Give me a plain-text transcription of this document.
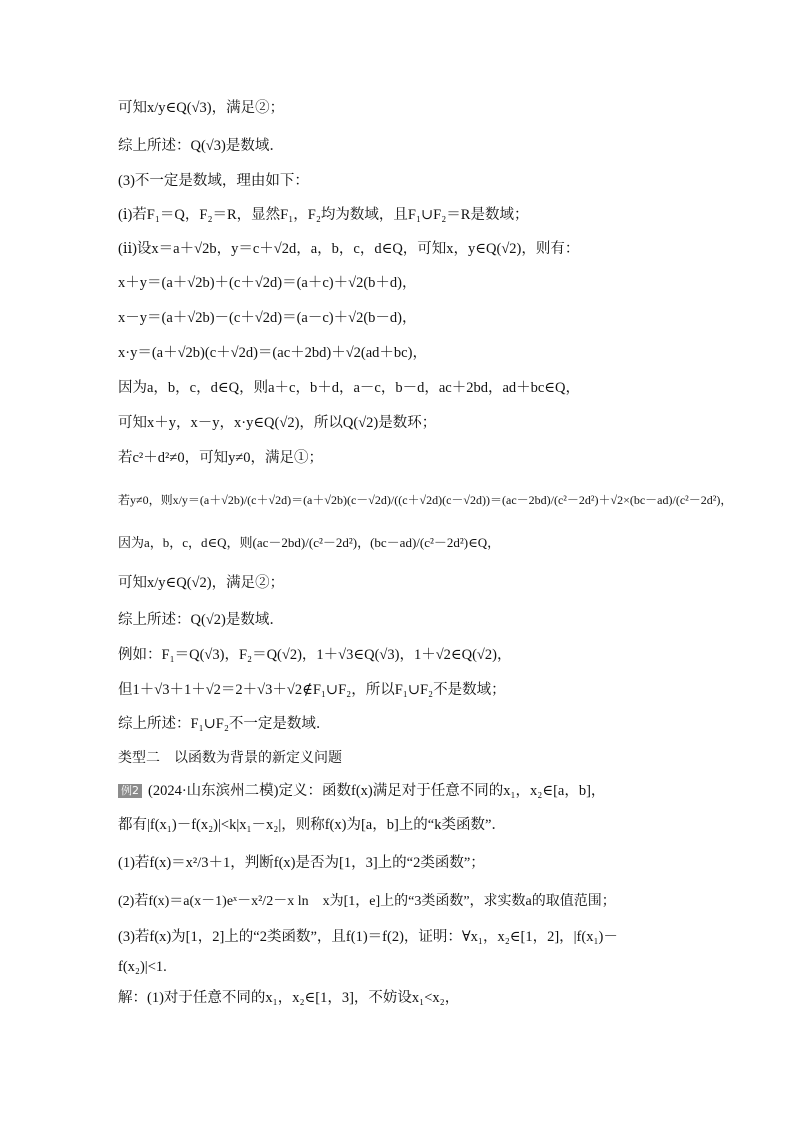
可知x/y∈Q(√3)，满足②；
综上所述：Q(√3)是数域．
(3)不一定是数域，理由如下：
(ⅰ)若F₁＝Q，F₂＝R，显然F₁，F₂均为数域，且F₁∪F₂＝R是数域；
(ⅱ)设x＝a＋√2b，y＝c＋√2d，a，b，c，d∈Q，可知x，y∈Q(√2)，则有：
x＋y＝(a＋√2b)＋(c＋√2d)＝(a＋c)＋√2(b＋d)，
x－y＝(a＋√2b)－(c＋√2d)＝(a－c)＋√2(b－d)，
x·y＝(a＋√2b)(c＋√2d)＝(ac＋2bd)＋√2(ad＋bc)，
因为a，b，c，d∈Q，则a＋c，b＋d，a－c，b－d，ac＋2bd，ad＋bc∈Q，
可知x＋y，x－y，x·y∈Q(√2)，所以Q(√2)是数环；
若c²＋d²≠0，可知y≠0，满足①；
若y≠0，则x/y＝(a＋√2b)/(c＋√2d)＝(a＋√2b)(c－√2d)/((c＋√2d)(c－√2d))＝(ac－2bd)/(c²－2d²)＋√2×(bc－ad)/(c²－2d²)，
因为a，b，c，d∈Q，则(ac－2bd)/(c²－2d²)，(bc－ad)/(c²－2d²)∈Q，
可知x/y∈Q(√2)，满足②；
综上所述：Q(√2)是数域．
例如：F₁＝Q(√3)，F₂＝Q(√2)，1＋√3∈Q(√3)，1＋√2∈Q(√2)，
但1＋√3＋1＋√2＝2＋√3＋√2∉F₁∪F₂，所以F₁∪F₂不是数域；
综上所述：F₁∪F₂不一定是数域．
类型二　以函数为背景的新定义问题
例2 (2024·山东滨州二模)定义：函数f(x)满足对于任意不同的x₁，x₂∈[a，b]，
都有|f(x₁)－f(x₂)|<k|x₁－x₂|，则称f(x)为[a，b]上的“k类函数”．
(1)若f(x)＝x²/3＋1，判断f(x)是否为[1，3]上的“2类函数”；
(2)若f(x)＝a(x－1)eˣ－x²/2－x ln　x为[1，e]上的“3类函数”，求实数a的取值范围；
(3)若f(x)为[1，2]上的“2类函数”，且f(1)＝f(2)，证明：∀x₁，x₂∈[1，2]，|f(x₁)－
f(x₂)|<1.
解：(1)对于任意不同的x₁，x₂∈[1，3]，不妨设x₁<x₂，
